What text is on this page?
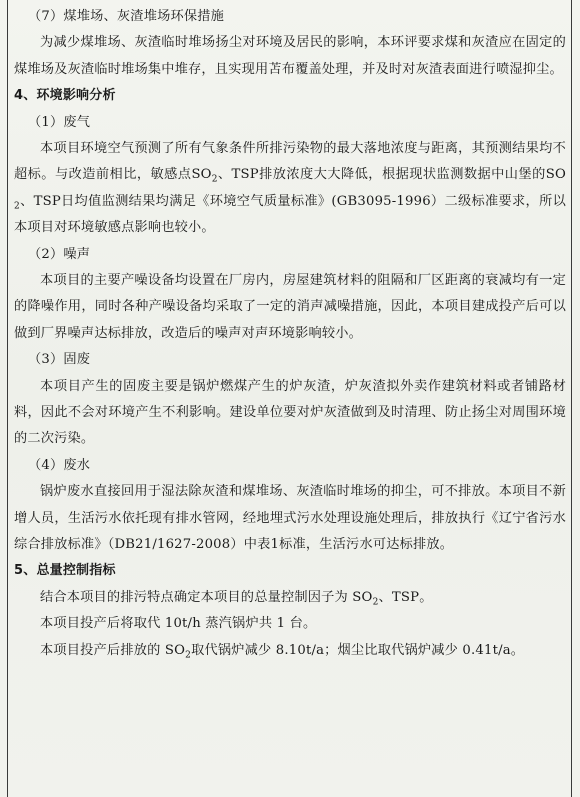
（7）煤堆场、灰渣堆场环保措施

为减少煤堆场、灰渣临时堆场扬尘对环境及居民的影响，本环评要求煤和灰渣应在固定的煤堆场及灰渣临时堆场集中堆存，且实现用苫布覆盖处理，并及时对灰渣表面进行喷湿抑尘。

4、环境影响分析
（1）废气

本项目环境空气预测了所有气象条件所排污染物的最大落地浓度与距离，其预测结果均不超标。与改造前相比，敏感点$SO_2$、TSP排放浓度大大降低，根据现状监测数据中山堡的$SO_2$、TSP日均值监测结果均满足《环境空气质量标准》(GB3095-1996）二级标准要求，所以本项目对环境敏感点影响也较小。

（2）噪声

本项目的主要产噪设备均设置在厂房内，房屋建筑材料的阻隔和厂区距离的衰减均有一定的降噪作用，同时各种产噪设备均采取了一定的消声减噪措施，因此，本项目建成投产后可以做到厂界噪声达标排放，改造后的噪声对声环境影响较小。

（3）固废

本项目产生的固废主要是锅炉燃煤产生的炉灰渣，炉灰渣拟外卖作建筑材料或者铺路材料，因此不会对环境产生不利影响。建设单位要对炉灰渣做到及时清理、防止扬尘对周围环境的二次污染。

（4）废水

锅炉废水直接回用于湿法除灰渣和煤堆场、灰渣临时堆场的抑尘，可不排放。本项目不新增人员，生活污水依托现有排水管网，经地埋式污水处理设施处理后，排放执行《辽宁省污水综合排放标准》（DB21/1627-2008）中表1标准，生活污水可达标排放。

5、总量控制指标

结合本项目的排污特点确定本项目的总量控制因子为 $SO_2$、TSP。

本项目投产后将取代 10t/h 蒸汽锅炉共 1 台。

本项目投产后排放的 $SO_2$取代锅炉减少 8.10t/a；烟尘比取代锅炉减少 0.41t/a。
